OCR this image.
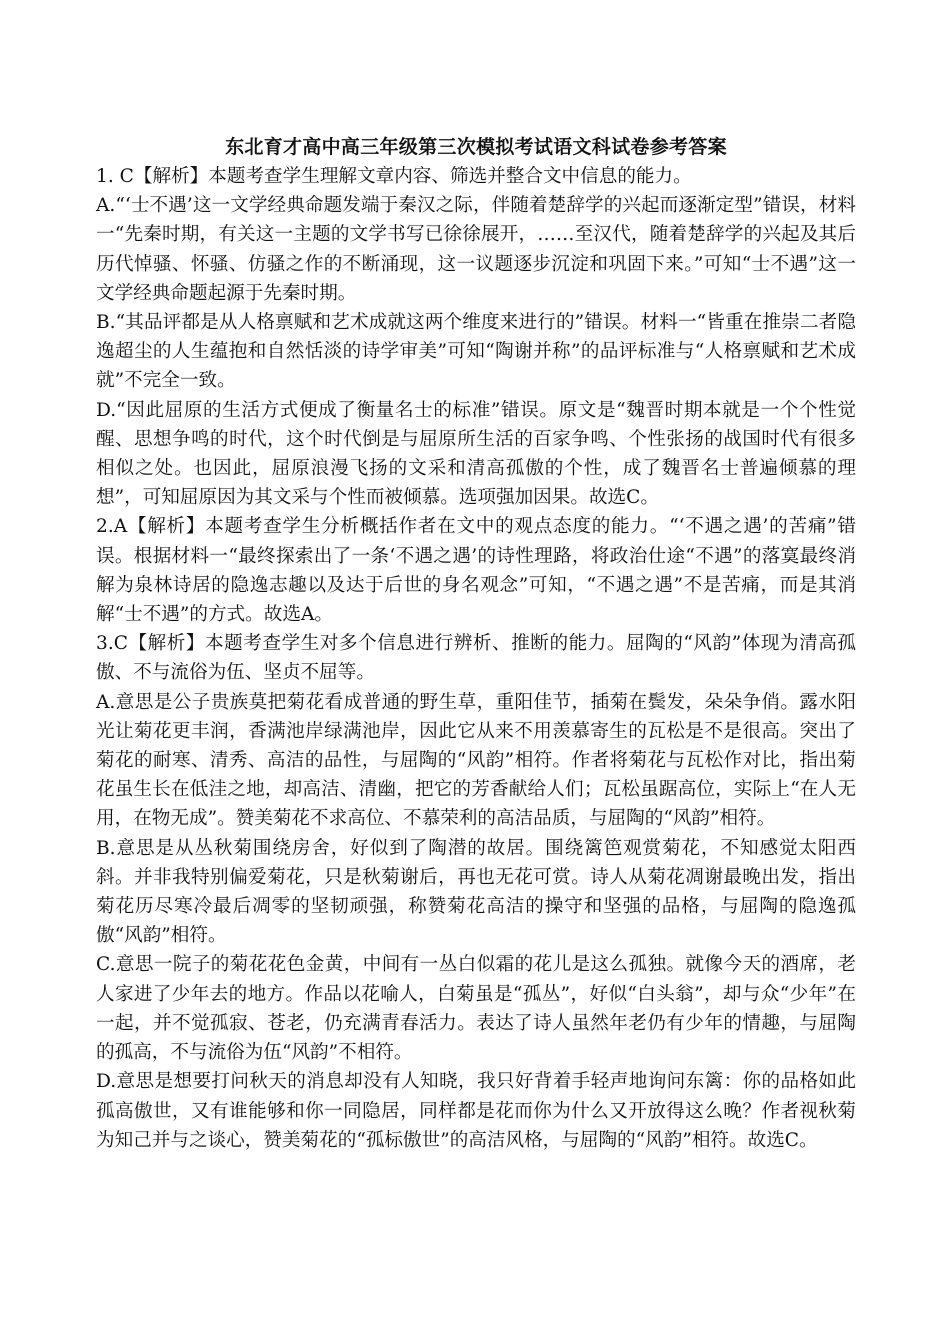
东北育才高中高三年级第三次模拟考试语文科试卷参考答案

1. C【解析】本题考查学生理解文章内容、筛选并整合文中信息的能力。

A.“‘士不遇’这一文学经典命题发端于秦汉之际，伴随着楚辞学的兴起而逐渐定型”错误，材料一“先秦时期，有关这一主题的文学书写已徐徐展开，……至汉代，随着楚辞学的兴起及其后历代悼骚、怀骚、仿骚之作的不断涌现，这一议题逐步沉淀和巩固下来。”可知“士不遇”这一文学经典命题起源于先秦时期。

B.“其品评都是从人格禀赋和艺术成就这两个维度来进行的”错误。材料一“皆重在推崇二者隐逸超尘的人生蕴抱和自然恬淡的诗学审美”可知“陶谢并称”的品评标准与“人格禀赋和艺术成就”不完全一致。

D.“因此屈原的生活方式便成了衡量名士的标准”错误。原文是“魏晋时期本就是一个个性觉醒、思想争鸣的时代，这个时代倒是与屈原所生活的百家争鸣、个性张扬的战国时代有很多相似之处。也因此，屈原浪漫飞扬的文采和清高孤傲的个性，成了魏晋名士普遍倾慕的理想”，可知屈原因为其文采与个性而被倾慕。选项强加因果。故选C。

2.A【解析】本题考查学生分析概括作者在文中的观点态度的能力。“‘不遇之遇’的苦痛”错误。根据材料一“最终探索出了一条‘不遇之遇’的诗性理路，将政治仕途“不遇”的落寞最终消解为泉林诗居的隐逸志趣以及达于后世的身名观念”可知，“不遇之遇”不是苦痛，而是其消解“士不遇”的方式。故选A。

3.C【解析】本题考查学生对多个信息进行辨析、推断的能力。屈陶的“风韵”体现为清高孤傲、不与流俗为伍、坚贞不屈等。

A.意思是公子贵族莫把菊花看成普通的野生草，重阳佳节，插菊在鬓发，朵朵争俏。露水阳光让菊花更丰润，香满池岸绿满池岸，因此它从来不用羡慕寄生的瓦松是不是很高。突出了菊花的耐寒、清秀、高洁的品性，与屈陶的“风韵”相符。作者将菊花与瓦松作对比，指出菊花虽生长在低洼之地，却高洁、清幽，把它的芳香献给人们；瓦松虽踞高位，实际上“在人无用，在物无成”。赞美菊花不求高位、不慕荣利的高洁品质，与屈陶的“风韵”相符。

B.意思是从丛秋菊围绕房舍，好似到了陶潜的故居。围绕篱笆观赏菊花，不知感觉太阳西斜。并非我特别偏爱菊花，只是秋菊谢后，再也无花可赏。诗人从菊花凋谢最晚出发，指出菊花历尽寒冷最后凋零的坚韧顽强，称赞菊花高洁的操守和坚强的品格，与屈陶的隐逸孤傲“风韵”相符。

C.意思一院子的菊花花色金黄，中间有一丛白似霜的花儿是这么孤独。就像今天的酒席，老人家进了少年去的地方。作品以花喻人，白菊虽是“孤丛”，好似“白头翁”，却与众“少年”在一起，并不觉孤寂、苍老，仍充满青春活力。表达了诗人虽然年老仍有少年的情趣，与屈陶的孤高，不与流俗为伍“风韵”不相符。

D.意思是想要打问秋天的消息却没有人知晓，我只好背着手轻声地询问东篱：你的品格如此孤高傲世，又有谁能够和你一同隐居，同样都是花而你为什么又开放得这么晚？作者视秋菊为知己并与之谈心，赞美菊花的“孤标傲世”的高洁风格，与屈陶的“风韵”相符。故选C。
